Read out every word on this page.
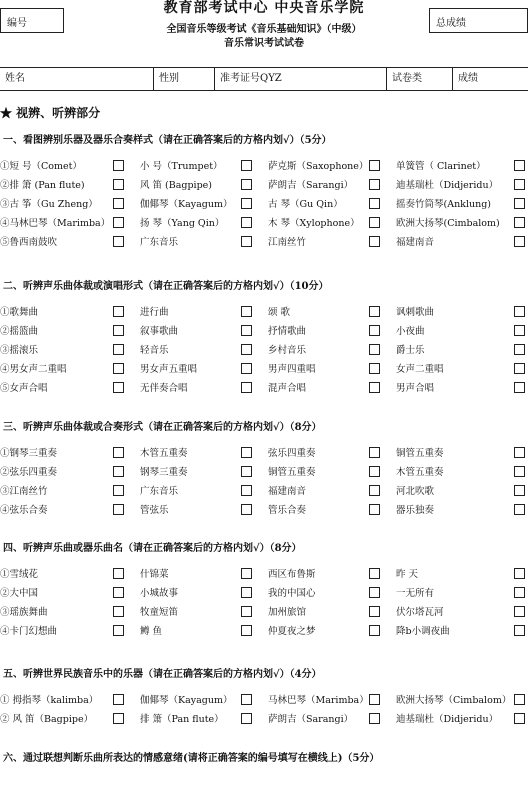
编号
教育部考试中心 中央音乐学院
全国音乐等级考试《音乐基础知识》（中级）
音乐常识考试试卷
总成绩
姓名	性别	准考证号QYZ	试卷类	成绩
★ 视辨、听辨部分
一、看图辨别乐器及器乐合奏样式（请在正确答案后的方格内划√）（5分）
①短 号（Comet）	小 号（Trumpet）	萨克斯（Saxophone）	单簧管（ Clarinet）
②排 箫 (Pan flute)	风 笛 (Bagpipe)	萨朗吉（Sarangi）	迪基瑞杜（Didjeridu）
③古 筝（Gu Zheng）	伽倻琴（Kayagum）	古 琴（Gu Qin）	摇奏竹筒琴(Anklung)
④马林巴琴（Marimba）	扬 琴（Yang Qin）	木 琴（Xylophone）	欧洲大扬琴(Cimbalom)
⑤鲁西南鼓吹	广东音乐	江南丝竹	福建南音
二、听辨声乐曲体裁或演唱形式（请在正确答案后的方格内划√）（10分）
①歌舞曲	进行曲	颂 歌	讽刺歌曲
②摇篮曲	叙事歌曲	抒情歌曲	小夜曲
③摇滚乐	轻音乐	乡村音乐	爵士乐
④男女声二重唱	男女声五重唱	男声四重唱	女声二重唱
⑤女声合唱	无伴奏合唱	混声合唱	男声合唱
三、听辨声乐曲体裁或合奏形式（请在正确答案后的方格内划√）（8分）
①钢琴三重奏	木管五重奏	弦乐四重奏	铜管五重奏
②弦乐四重奏	钢琴三重奏	铜管五重奏	木管五重奏
③江南丝竹	广东音乐	福建南音	河北吹歌
④弦乐合奏	管弦乐	管乐合奏	器乐独奏
四、听辨声乐曲或器乐曲名（请在正确答案后的方格内划√）（8分）
①雪绒花	什锦菜	西区布鲁斯	昨 天
②大中国	小城故事	我的中国心	一无所有
③瑶族舞曲	牧童短笛	加州旅馆	伏尔塔瓦河
④卡门幻想曲	鳟 鱼	仲夏夜之梦	降b小调夜曲
五、听辨世界民族音乐中的乐器（请在正确答案后的方格内划√）（4分）
① 拇指琴（kalimba）	伽倻琴（Kayagum）	马林巴琴（Marimba）	欧洲大扬琴（Cimbalom）
② 风 笛（Bagpipe）	排 箫（Pan flute）	萨朗吉（Sarangi）	迪基瑞杜（Didjeridu）
六、通过联想判断乐曲所表达的情感意绪(请将正确答案的编号填写在横线上)（5分）
